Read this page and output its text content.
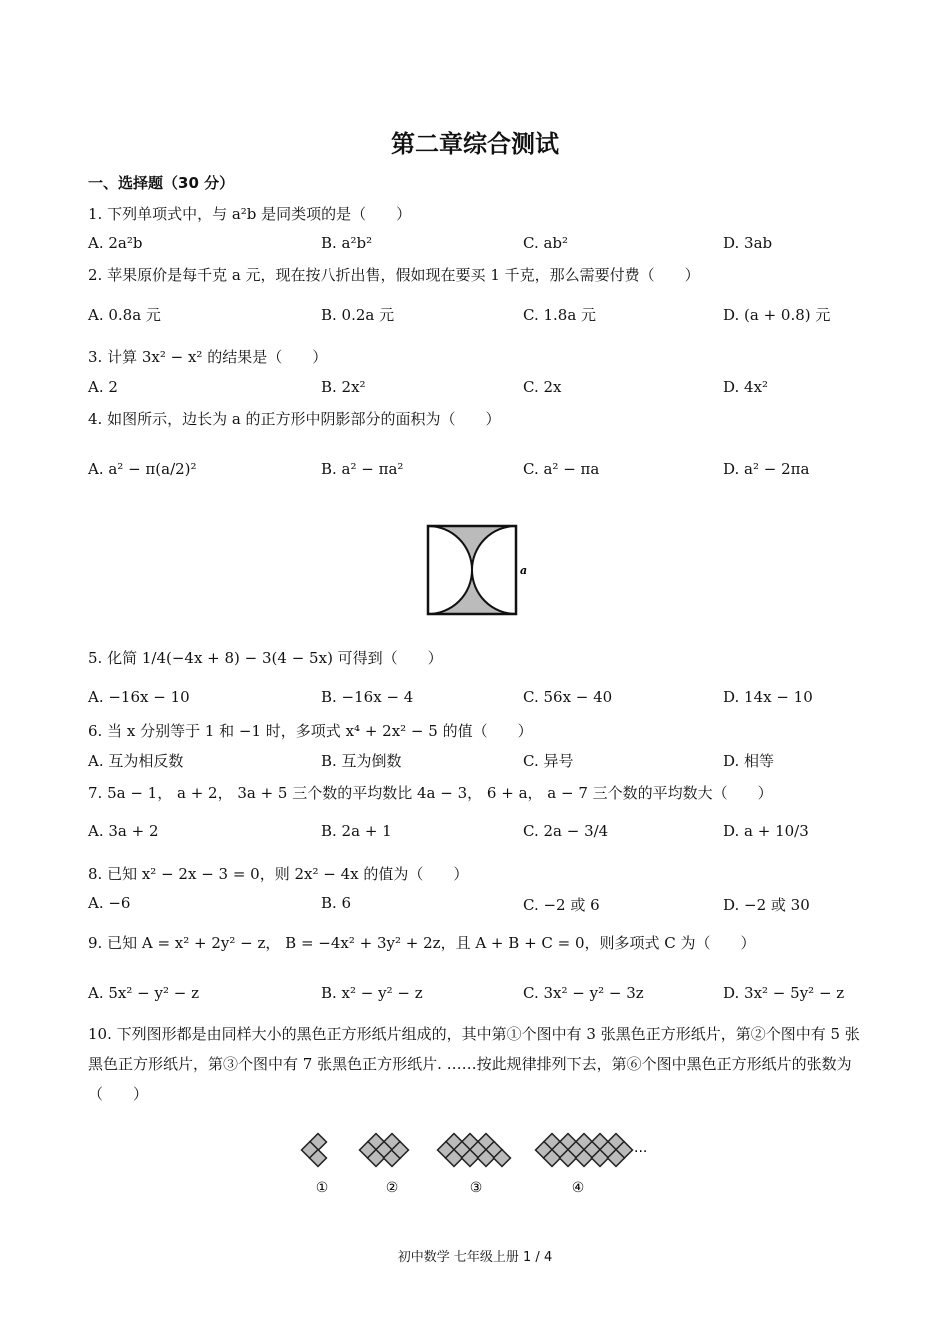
第二章综合测试
一、选择题（30 分）
1. 下列单项式中，与 a²b 是同类项的是（　　）
A. 2a²b	B. a²b²	C. ab²	D. 3ab
2. 苹果原价是每千克 a 元，现在按八折出售，假如现在要买 1 千克，那么需要付费（　　）
A. 0.8a 元	B. 0.2a 元	C. 1.8a 元	D. (a + 0.8) 元
3. 计算 3x² − x² 的结果是（　　）
A. 2	B. 2x²	C. 2x	D. 4x²
4. 如图所示，边长为 a 的正方形中阴影部分的面积为（　　）
A. a² − π(a/2)²	B. a² − πa²	C. a² − πa	D. a² − 2πa
a
5. 化简 1/4(−4x + 8) − 3(4 − 5x) 可得到（　　）
A. −16x − 10	B. −16x − 4	C. 56x − 40	D. 14x − 10
6. 当 x 分别等于 1 和 −1 时，多项式 x⁴ + 2x² − 5 的值（　　）
A. 互为相反数	B. 互为倒数	C. 异号	D. 相等
7. 5a − 1， a + 2， 3a + 5 三个数的平均数比 4a − 3， 6 + a， a − 7 三个数的平均数大（　　）
A. 3a + 2	B. 2a + 1	C. 2a − 3/4	D. a + 10/3
8. 已知 x² − 2x − 3 = 0，则 2x² − 4x 的值为（　　）
A. −6	B. 6	C. −2 或 6	D. −2 或 30
9. 已知 A = x² + 2y² − z， B = −4x² + 3y² + 2z，且 A + B + C = 0，则多项式 C 为（　　）
A. 5x² − y² − z	B. x² − y² − z	C. 3x² − y² − 3z	D. 3x² − 5y² − z
10. 下列图形都是由同样大小的黑色正方形纸片组成的，其中第①个图中有 3 张黑色正方形纸片，第②个图中有 5 张黑色正方形纸片，第③个图中有 7 张黑色正方形纸片. ……按此规律排列下去，第⑥个图中黑色正方形纸片的张数为（　　）
···
①	②	③	④
初中数学 七年级上册 1 / 4
